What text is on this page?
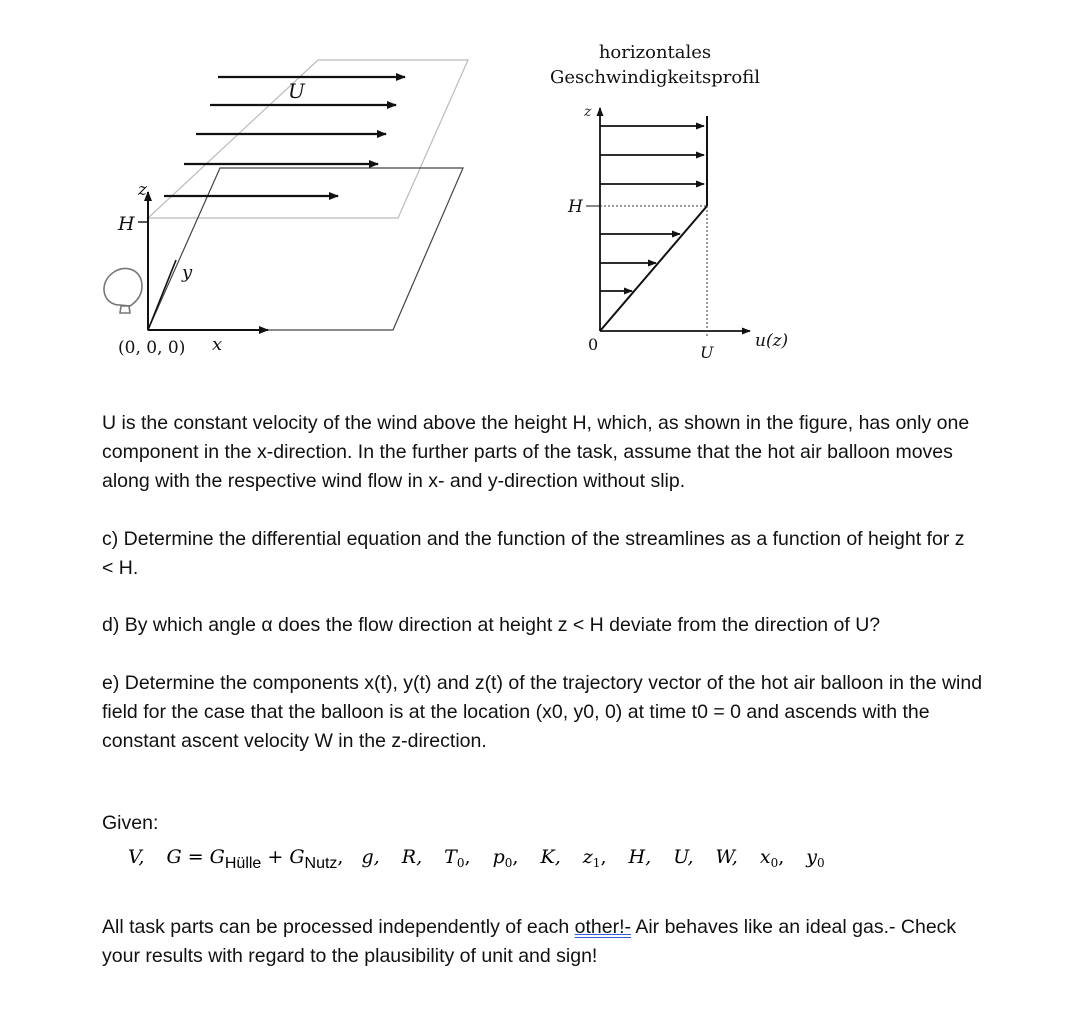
U
z
H
y
x
(0, 0, 0)
horizontales
Geschwindigkeitsprofil
z
H
0	U
u(z)

U is the constant velocity of the wind above the height H, which, as shown in the figure, has only one component in the x-direction. In the further parts of the task, assume that the hot air balloon moves along with the respective wind flow in x- and y-direction without slip.

c) Determine the differential equation and the function of the streamlines as a function of height for z < H.

d) By which angle α does the flow direction at height z < H deviate from the direction of U?

e) Determine the components x(t), y(t) and z(t) of the trajectory vector of the hot air balloon in the wind field for the case that the balloon is at the location (x0, y0, 0) at time t0 = 0 and ascends with the constant ascent velocity W in the z-direction.

Given:
V, $G = G_{Hülle} + G_{Nutz}$, g, R, $T_0$, $p_0$, K, $z_1$, H, U, W, $x_0$, $y_0$

All task parts can be processed independently of each other!- Air behaves like an ideal gas.- Check your results with regard to the plausibility of unit and sign!
